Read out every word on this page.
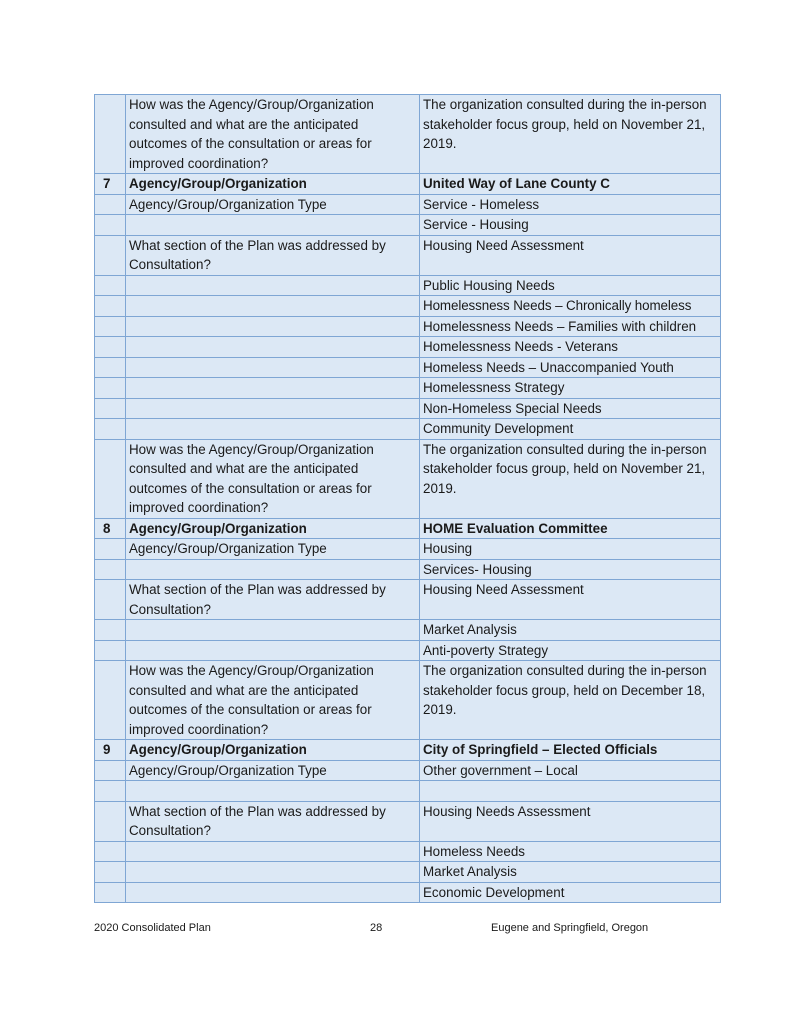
	How was the Agency/Group/Organization consulted and what are the anticipated outcomes of the consultation or areas for improved coordination?	The organization consulted during the in-person stakeholder focus group, held on November 21, 2019.
7	Agency/Group/Organization	United Way of Lane County C
	Agency/Group/Organization Type	Service - Homeless
		Service - Housing
	What section of the Plan was addressed by Consultation?	Housing Need Assessment
		Public Housing Needs
		Homelessness Needs – Chronically homeless
		Homelessness Needs – Families with children
		Homelessness Needs - Veterans
		Homeless Needs – Unaccompanied Youth
		Homelessness Strategy
		Non-Homeless Special Needs
		Community Development
	How was the Agency/Group/Organization consulted and what are the anticipated outcomes of the consultation or areas for improved coordination?	The organization consulted during the in-person stakeholder focus group, held on November 21, 2019.
8	Agency/Group/Organization	HOME Evaluation Committee
	Agency/Group/Organization Type	Housing
		Services- Housing
	What section of the Plan was addressed by Consultation?	Housing Need Assessment
		Market Analysis
		Anti-poverty Strategy
	How was the Agency/Group/Organization consulted and what are the anticipated outcomes of the consultation or areas for improved coordination?	The organization consulted during the in-person stakeholder focus group, held on December 18, 2019.
9	Agency/Group/Organization	City of Springfield – Elected Officials
	Agency/Group/Organization Type	Other government – Local

	What section of the Plan was addressed by Consultation?	Housing Needs Assessment
		Homeless Needs
		Market Analysis
		Economic Development
2020 Consolidated Plan	28	Eugene and Springfield, Oregon
